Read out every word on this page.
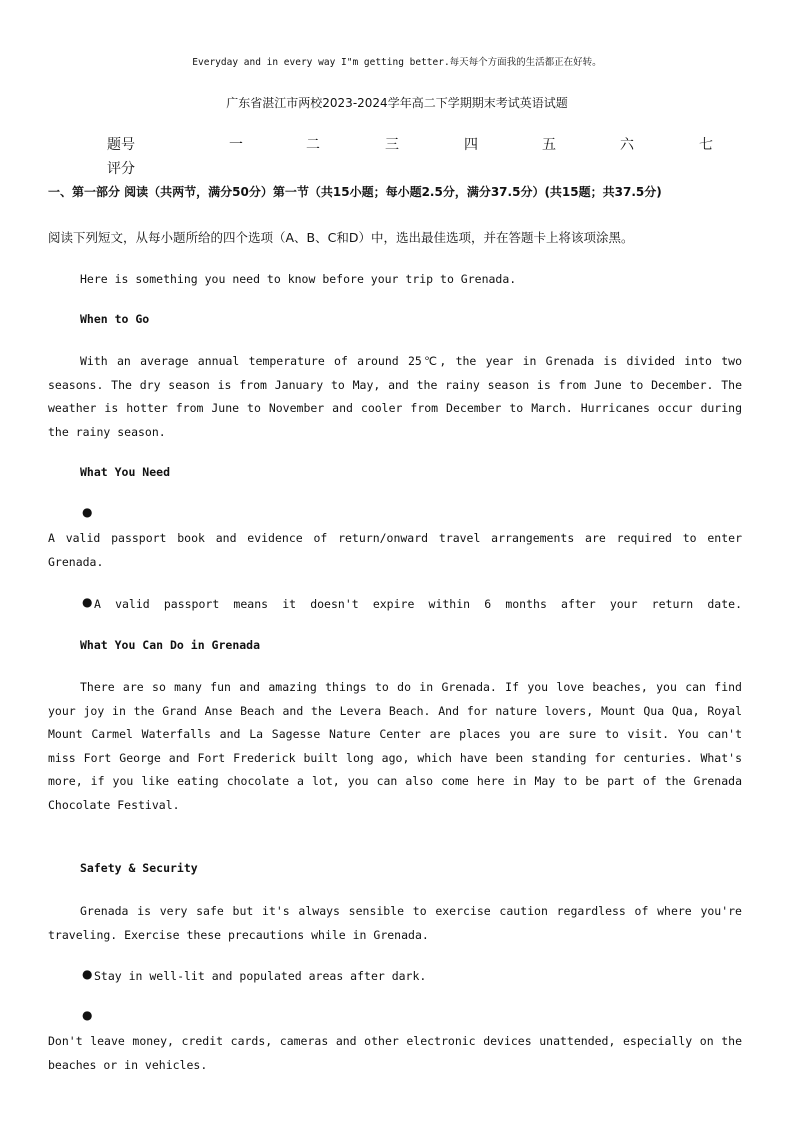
Everyday and in every way I"m getting better.每天每个方面我的生活都正在好转。
广东省湛江市两校2023-2024学年高二下学期期末考试英语试题
题号	一	二	三	四	五	六	七
评分
一、第一部分 阅读（共两节，满分50分）第一节（共15小题；每小题2.5分，满分37.5分）(共15题；共37.5分)
阅读下列短文，从每小题所给的四个选项（A、B、C和D）中，选出最佳选项，并在答题卡上将该项涂黑。
Here is something you need to know before your trip to Grenada.
When to Go
With an average annual temperature of around 25℃, the year in Grenada is divided into two seasons. The dry season is from January to May, and the rainy season is from June to December. The weather is hotter from June to November and cooler from December to March. Hurricanes occur during the rainy season.
What You Need
●
A valid passport book and evidence of return/onward travel arrangements are required to enter Grenada.
● A valid passport means it doesn't expire within 6 months after your return date.
What You Can Do in Grenada
There are so many fun and amazing things to do in Grenada. If you love beaches, you can find your joy in the Grand Anse Beach and the Levera Beach. And for nature lovers, Mount Qua Qua, Royal Mount Carmel Waterfalls and La Sagesse Nature Center are places you are sure to visit. You can't miss Fort George and Fort Frederick built long ago, which have been standing for centuries. What's more, if you like eating chocolate a lot, you can also come here in May to be part of the Grenada Chocolate Festival.
Safety & Security
Grenada is very safe but it's always sensible to exercise caution regardless of where you're traveling. Exercise these precautions while in Grenada.
● Stay in well-lit and populated areas after dark.
●
Don't leave money, credit cards, cameras and other electronic devices unattended, especially on the beaches or in vehicles.
